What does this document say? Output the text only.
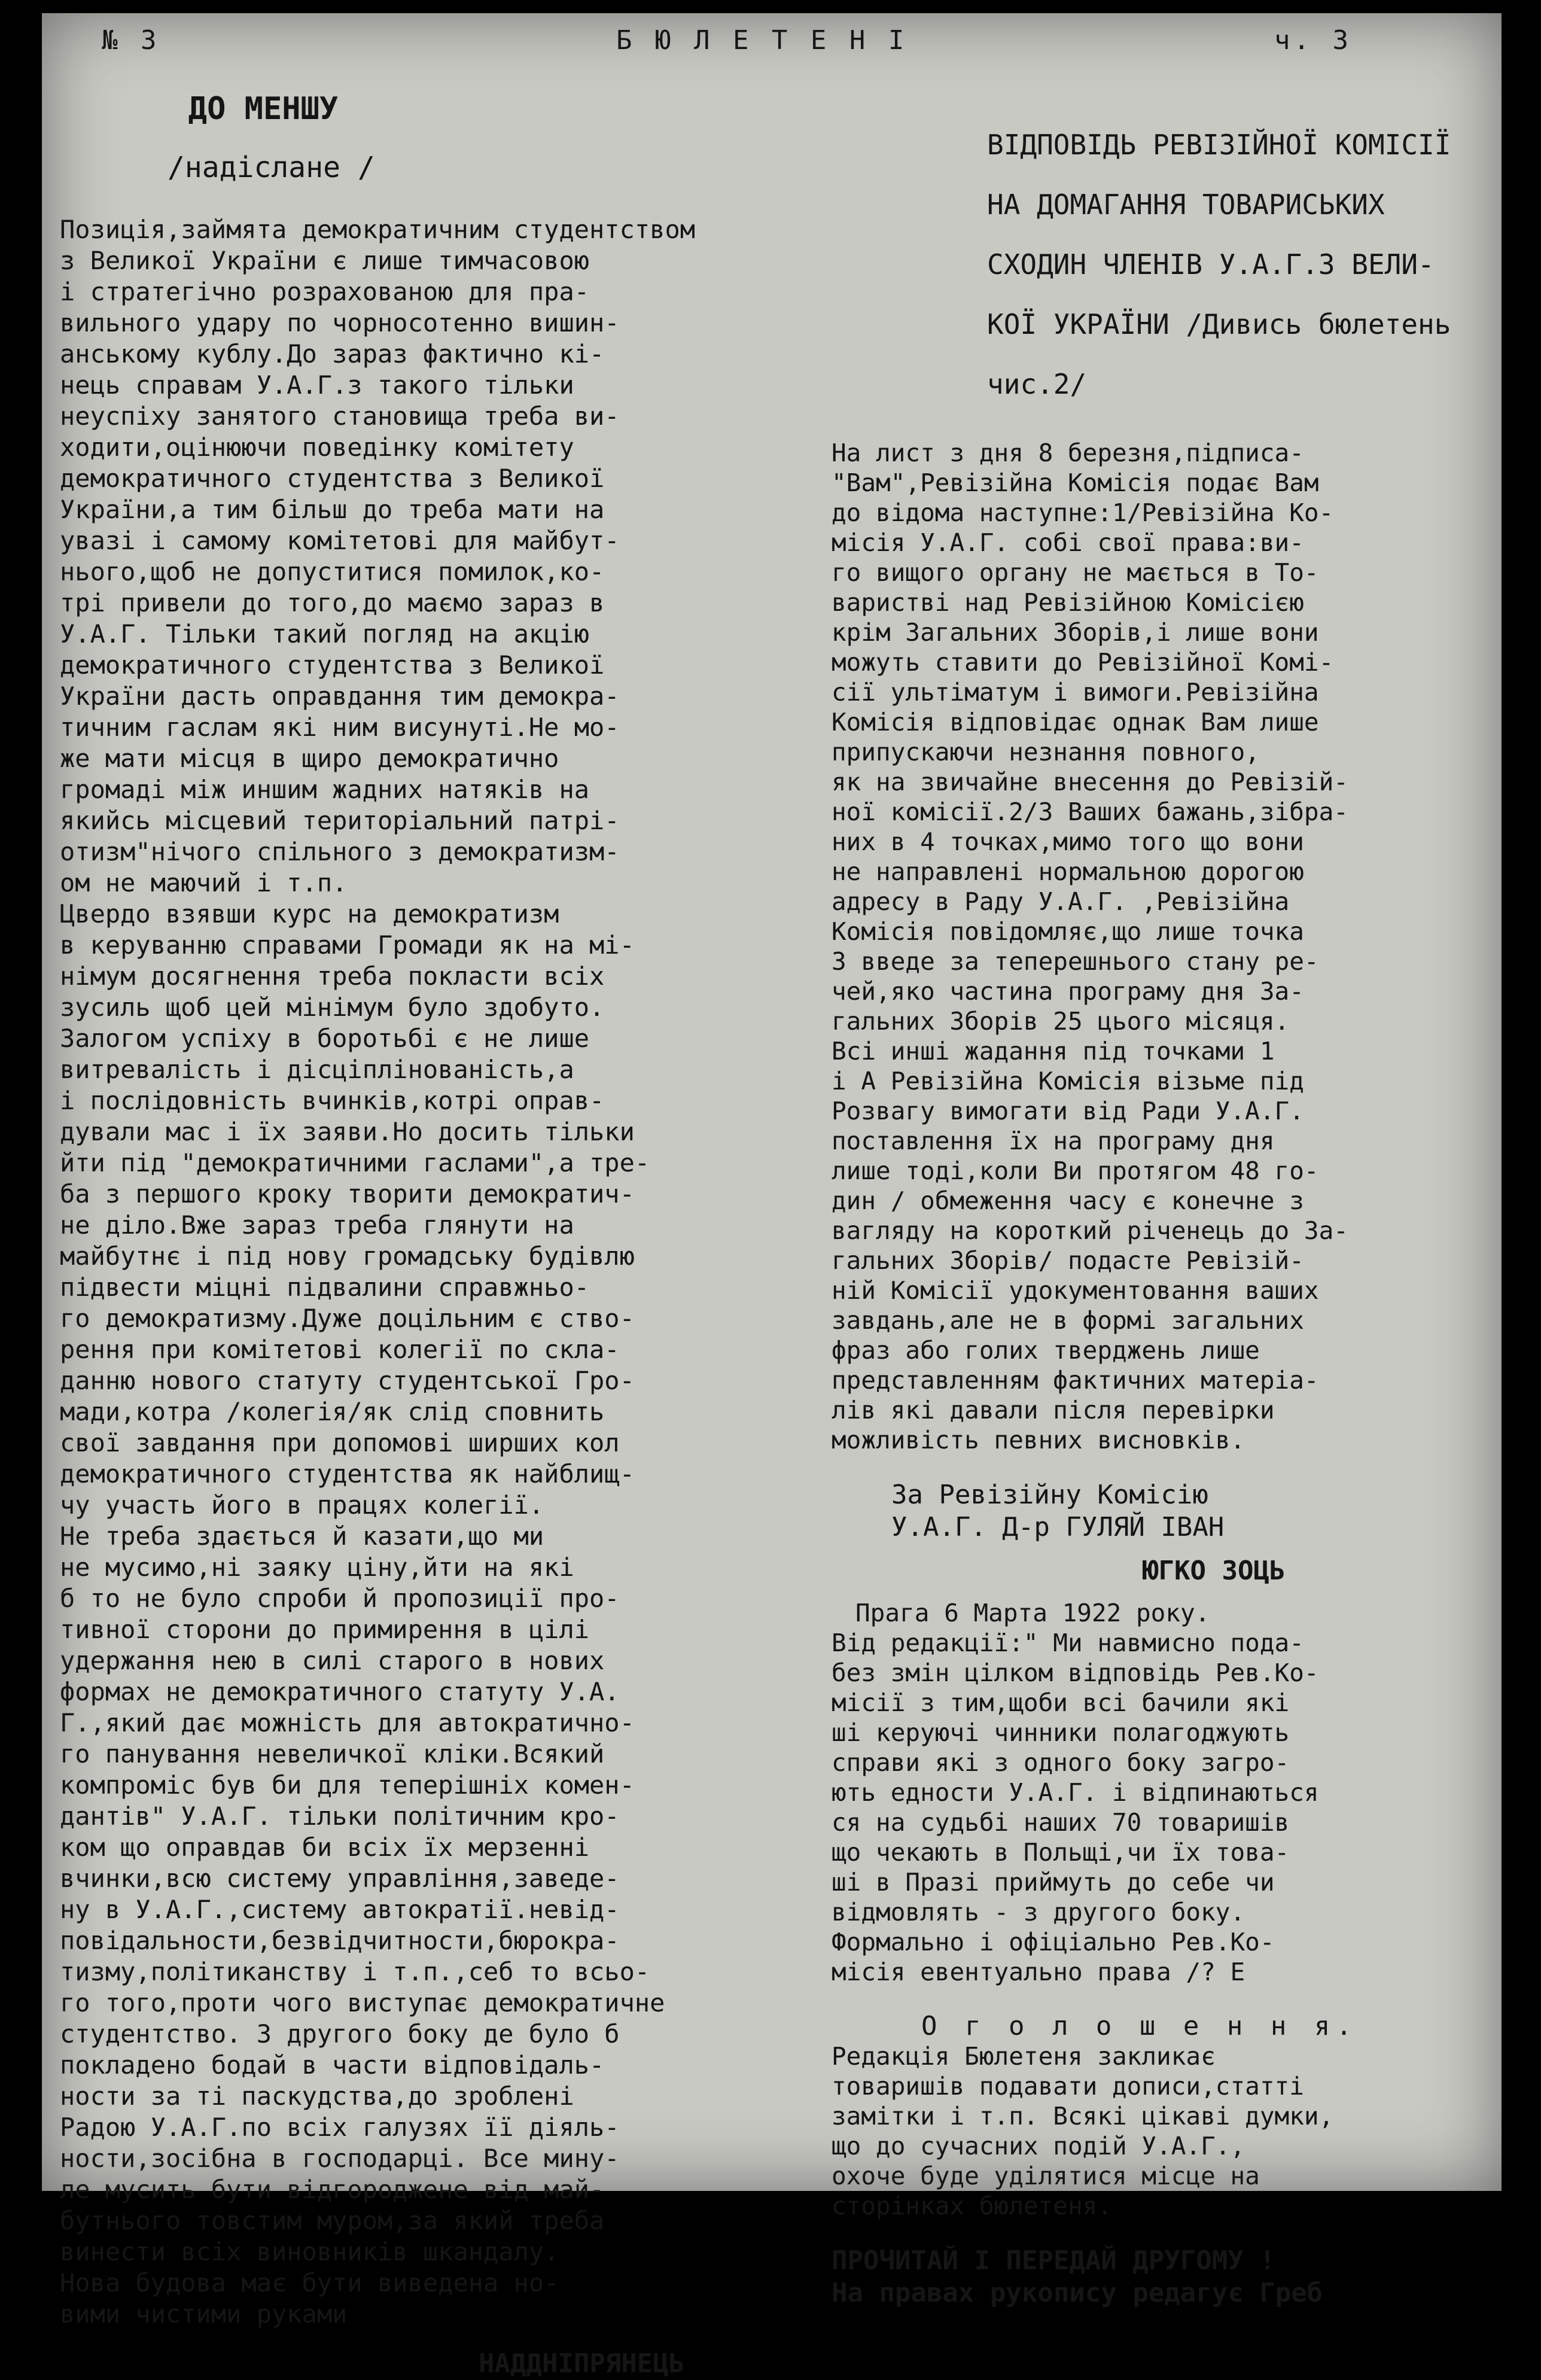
№ 3	Б Ю Л Е Т Е Н І	ч. 3
ДО МЕНШУ
/надіслане /

Позиція,займята демократичним студентством
з Великої України є лише тимчасовою
і стратегічно розрахованою для пра-
вильного удару по чорносотенно вишин-
анському кублу.До зараз фактично кі-
нець справам У.А.Г.з такого тільки
неуспіху занятого становища треба ви-
ходити,оцінюючи поведінку комітету
демократичного студентства з Великої
України,а тим більш до треба мати на
увазі і самому комітетові для майбут-
нього,щоб не допуститися помилок,ко-
трі привели до того,до маємо зараз в
У.А.Г. Тільки такий погляд на акцію
демократичного студентства з Великої
України дасть оправдання тим демокра-
тичним гаслам які ним висунуті.Не мо-
же мати місця в щиро демократично
громаді між иншим жадних натяків на
якийсь місцевий територіальний патрі-
отизм"нічого спільного з демократизм-
ом не маючий і т.п.
Цвердо взявши курс на демократизм
в керуванню справами Громади як на мі-
німум досягнення треба покласти всіх
зусиль щоб цей мінімум було здобуто.
Залогом успіху в боротьбі є не лише
витревалість і дісціплінованість,а
і послідовність вчинків,котрі оправ-
дували мас і їх заяви.Но досить тільки
йти під "демократичними гаслами",а тре-
ба з першого кроку творити демократич-
не діло.Вже зараз треба глянути на
майбутнє і під нову громадську будівлю
підвести міцні підвалини справжньо-
го демократизму.Дуже доцільним є ство-
рення при комітетові колегії по скла-
данню нового статуту студентської Гро-
мади,котра /колегія/як слід сповнить
свої завдання при допомові ширших кол
демократичного студентства як найблищ-
чу участь його в працях колегії.
Не треба здається й казати,що ми
не мусимо,ні заяку ціну,йти на які
б то не було спроби й пропозиції про-
тивної сторони до примирення в цілі
удержання нею в силі старого в нових
формах не демократичного статуту У.А.
Г.,який дає можність для автократично-
го панування невеличкої кліки.Всякий
компроміс був би для теперішніх комен-
дантів" У.А.Г. тільки політичним кро-
ком що оправдав би всіх їх мерзенні
вчинки,всю систему управління,заведе-
ну в У.А.Г.,систему автократії.невід-
повідальности,безвідчитности,бюрокра-
тизму,політиканству і т.п.,себ то всьо-
го того,проти чого виступає демократичне
студентство. З другого боку де було б
покладено бодай в части відповідаль-
ности за ті паскудства,до зроблені
Радою У.А.Г.по всіх галузях її діяль-
ности,зосібна в господарці. Все мину-
ле мусить бути відгороджене від май-
бутнього товстим муром,за який треба
винести всіх виновників шкандалу.
Нова будова має бути виведена но-
вими чистими руками

НАДДНІПРЯНЕЦЬ

ВІДПОВІДЬ РЕВІЗІЙНОЇ КОМІСІЇ
НА ДОМАГАННЯ ТОВАРИСЬКИХ
СХОДИН ЧЛЕНІВ У.А.Г.З ВЕЛИ-
КОЇ УКРАЇНИ /Дивись бюлетень
чис.2/

На лист з дня 8 березня,підписа-
"Вам",Ревізійна Комісія подає Вам
до відома наступне:1/Ревізійна Ко-
місія У.А.Г. собі свої права:ви-
го вищого органу не мається в То-
варистві над Ревізійною Комісією
крім Загальних Зборів,і лише вони
можуть ставити до Ревізійної Комі-
сії ультіматум і вимоги.Ревізійна
Комісія відповідає однак Вам лише
припускаючи незнання повного,
як на звичайне внесення до Ревізій-
ної комісії.2/З Ваших бажань,зібра-
них в 4 точках,мимо того що вони
не направлені нормальною дорогою
адресу в Раду У.А.Г. ,Ревізійна
Комісія повідомляє,що лише точка
3 введе за теперешнього стану ре-
чей,яко частина програму дня За-
гальних Зборів 25 цього місяця.
Всі инші жадання під точками 1
і А Ревізійна Комісія візьме під
Розвагу вимогати від Ради У.А.Г.
поставлення їх на програму дня
лише тоді,коли Ви протягом 48 го-
дин / обмеження часу є конечне з
вагляду на короткий річенець до За-
гальних Зборів/ подасте Ревізій-
ній Комісії удокументовання ваших
завдань,але не в формі загальних
фраз або голих тверджень лише
представленням фактичних матеріа-
лів які давали після перевірки
можливість певних висновків.

За Ревізійну Комісію
У.А.Г. Д-р ГУЛЯЙ ІВАН

ЮГКО ЗОЦЬ
Прага 6 Марта 1922 року.

Від редакції:" Ми навмисно пода-
без змін цілком відповідь Рев.Ко-
місії з тим,щоби всі бачили які
ші керуючі чинники полагоджують
справи які з одного боку загро-
ють едности У.А.Г. і відпинаються
ся на судьбі наших 70 товаришів
що чекають в Польщі,чи їх това-
ші в Празі приймуть до себе чи
відмовлять - з другого боку.
Формально і офіціально Рев.Ко-
місія евентуально права /? Е

О г о л о ш е н н я.

Редакція Бюлетеня закликає
товаришів подавати дописи,статті
замітки і т.п. Всякі цікаві думки,
що до сучасних подій У.А.Г.,
охоче буде уділятися місце на
сторінках бюлетеня.

ПРОЧИТАЙ І ПЕРЕДАЙ ДРУГОМУ !
На правах рукопису редагує Греб
